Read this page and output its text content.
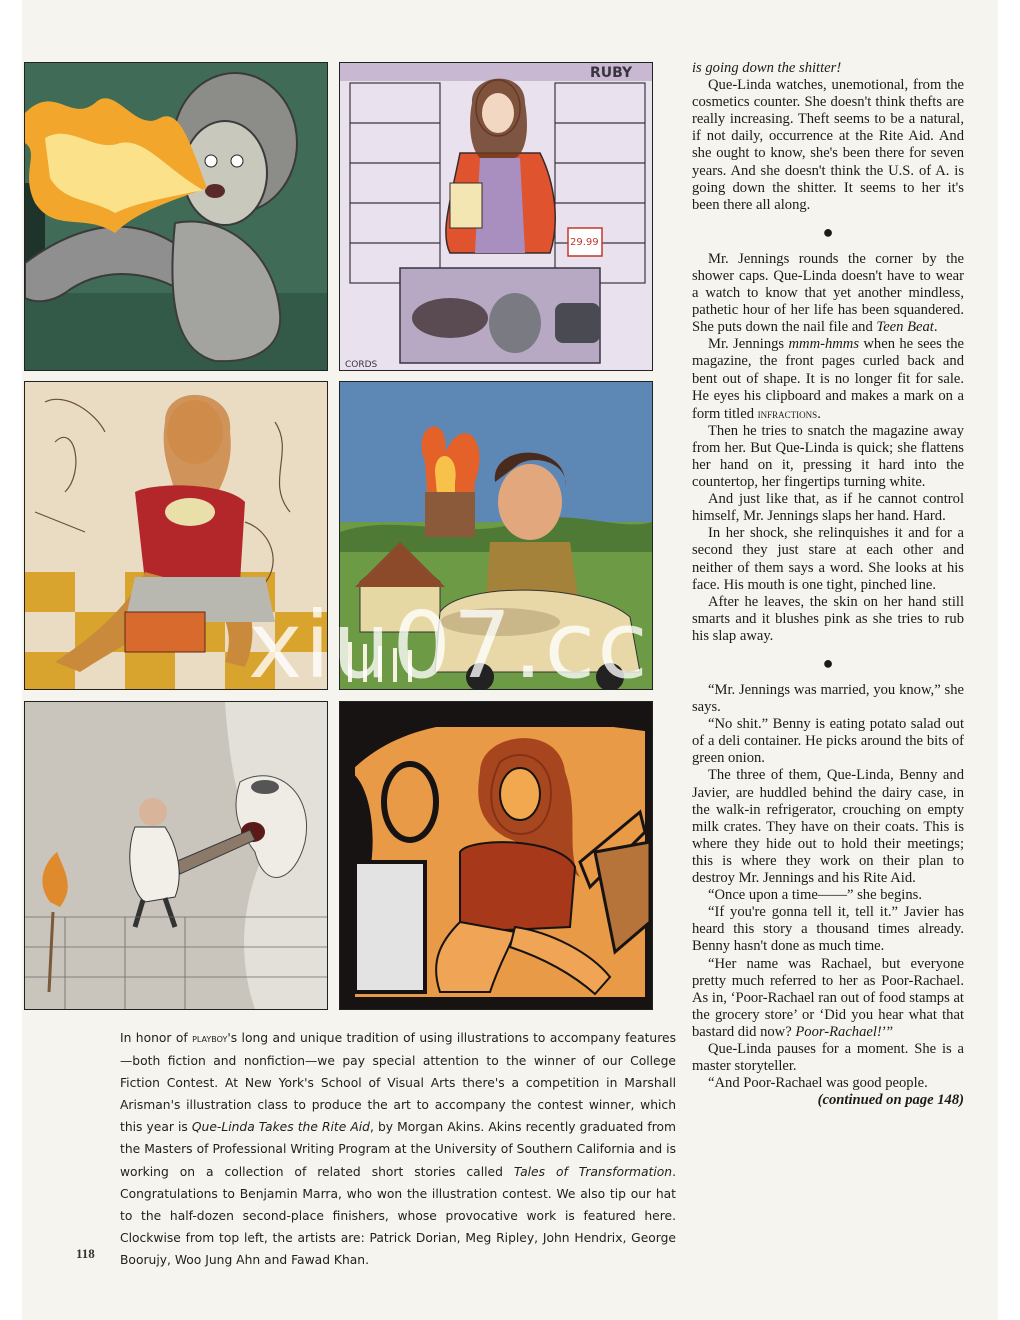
RUBY
29.99
CORDS

is going down the shitter!

Que-Linda watches, unemotional, from the cosmetics counter. She doesn't think thefts are really increasing. Theft seems to be a natural, if not daily, occurrence at the Rite Aid. And she ought to know, she's been there for seven years. And she doesn't think the U.S. of A. is going down the shitter. It seems to her it's been there all along.

●

Mr. Jennings rounds the corner by the shower caps. Que-Linda doesn't have to wear a watch to know that yet another mindless, pathetic hour of her life has been squandered. She puts down the nail file and Teen Beat.

Mr. Jennings mmm-hmms when he sees the magazine, the front pages curled back and bent out of shape. It is no longer fit for sale. He eyes his clipboard and makes a mark on a form titled infractions.

Then he tries to snatch the magazine away from her. But Que-Linda is quick; she flattens her hand on it, pressing it hard into the countertop, her fingertips turning white.

And just like that, as if he cannot control himself, Mr. Jennings slaps her hand. Hard.

In her shock, she relinquishes it and for a second they just stare at each other and neither of them says a word. She looks at his face. His mouth is one tight, pinched line.

After he leaves, the skin on her hand still smarts and it blushes pink as she tries to rub his slap away.

●

“Mr. Jennings was married, you know,” she says.

“No shit.” Benny is eating potato salad out of a deli container. He picks around the bits of green onion.

The three of them, Que-Linda, Benny and Javier, are huddled behind the dairy case, in the walk-in refrigerator, crouching on empty milk crates. They have on their coats. This is where they hide out to hold their meetings; this is where they work on their plan to destroy Mr. Jennings and his Rite Aid.

“Once upon a time——” she begins.

“If you're gonna tell it, tell it.” Javier has heard this story a thousand times already. Benny hasn't done as much time.

“Her name was Rachael, but everyone pretty much referred to her as Poor-Rachael. As in, ‘Poor-Rachael ran out of food stamps at the grocery store’ or ‘Did you hear what that bastard did now? Poor-Rachael!’”

Que-Linda pauses for a moment. She is a master storyteller.

“And Poor-Rachael was good people.

(continued on page 148)

In honor of playboy's long and unique tradition of using illustrations to accompany features—both fiction and nonfiction—we pay special attention to the winner of our College Fiction Contest. At New York's School of Visual Arts there's a competition in Marshall Arisman's illustration class to produce the art to accompany the contest winner, which this year is Que-Linda Takes the Rite Aid, by Morgan Akins. Akins recently graduated from the Masters of Professional Writing Program at the University of Southern California and is working on a collection of related short stories called Tales of Transformation. Congratulations to Benjamin Marra, who won the illustration contest. We also tip our hat to the half-dozen second-place finishers, whose provocative work is featured here. Clockwise from top left, the artists are: Patrick Dorian, Meg Ripley, John Hendrix, George Boorujy, Woo Jung Ahn and Fawad Khan.

118
xiu07.cc
